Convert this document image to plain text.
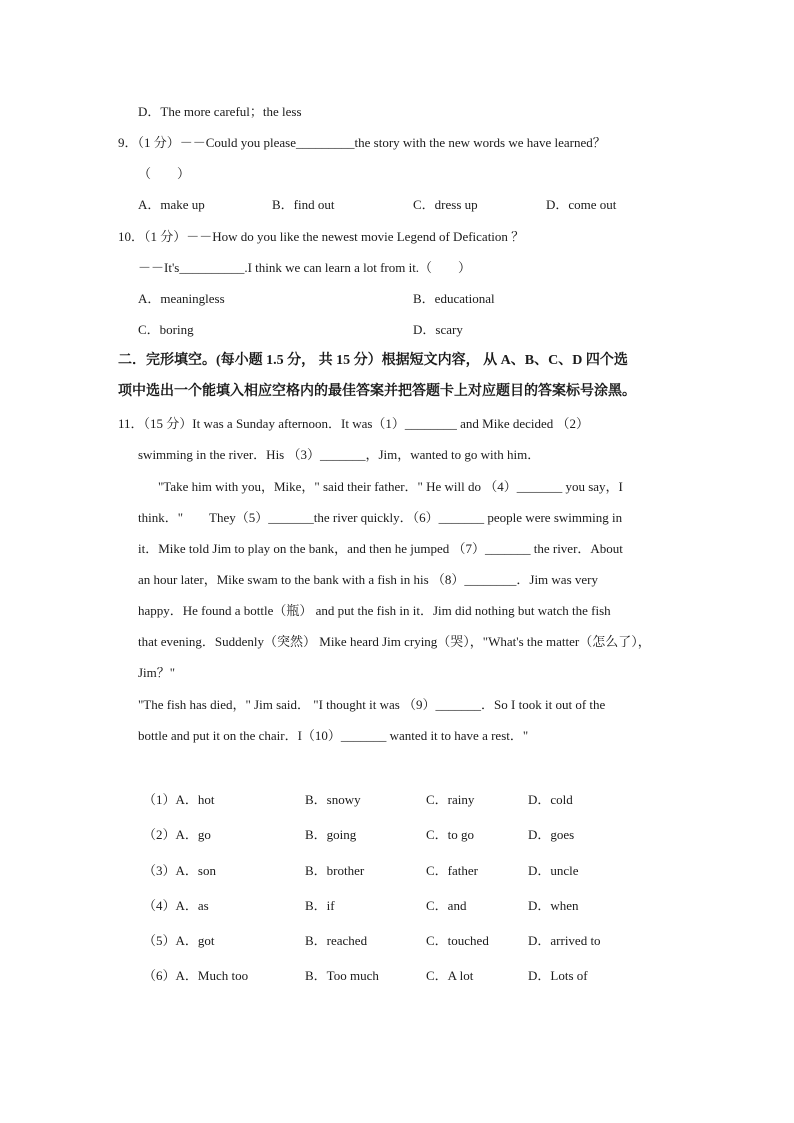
D．The more careful；the less
9．（1 分）－－Could you please_________the story with the new words we have learned？
（　　）
A．make up	B．find out	C．dress up	D．come out
10．（1 分）－－How do you like the newest movie Legend of Defication ？
－－It's__________.I think we can learn a lot from it.（　　）
A．meaningless	B．educational
C．boring	D．scary
二．完形填空。(每小题 1.5 分， 共 15 分）根据短文内容， 从 A、B、C、D 四个选
项中选出一个能填入相应空格内的最佳答案并把答题卡上对应题目的答案标号涂黑。
11．（15 分）It was a Sunday afternoon．It was（1）________ and Mike decided （2）
swimming in the river．His （3）_______，Jim，wanted to go with him．
"Take him with you，Mike，" said their father．" He will do （4）_______ you say，I
think．"　　They（5）_______the river quickly．（6）_______ people were swimming in
it．Mike told Jim to play on the bank，and then he jumped （7）_______ the river．About
an hour later，Mike swam to the bank with a fish in his （8）________．Jim was very
happy．He found a bottle（瓶） and put the fish in it．Jim did nothing but watch the fish
that evening．Suddenly（突然） Mike heard Jim crying（哭），"What's the matter（怎么了），
Jim？"
"The fish has died，" Jim said． "I thought it was （9）_______．So I took it out of the
bottle and put it on the chair．I（10）_______ wanted it to have a rest．"
（1）A．hot	B．snowy	C．rainy	D．cold
（2）A．go	B．going	C．to go	D．goes
（3）A．son	B．brother	C．father	D．uncle
（4）A．as	B．if	C．and	D．when
（5）A．got	B．reached	C．touched	D．arrived to
（6）A．Much too	B．Too much	C．A lot	D．Lots of
